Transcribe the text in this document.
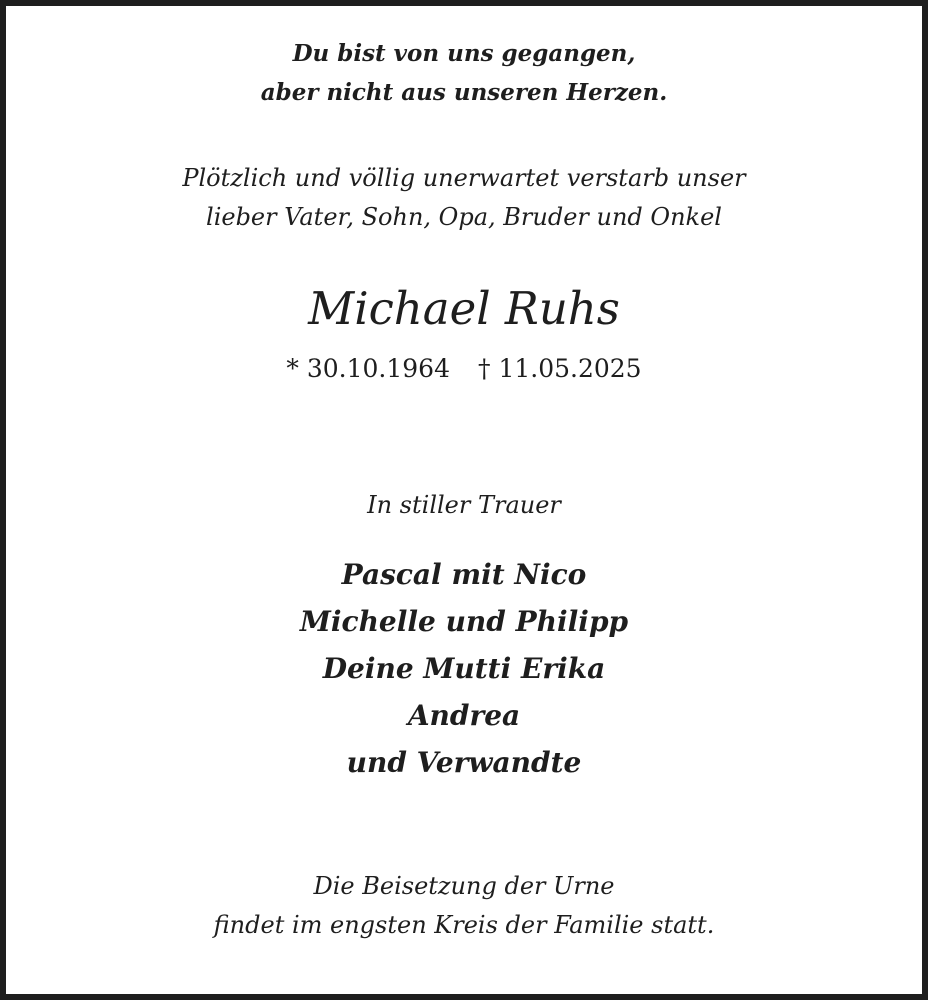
Du bist von uns gegangen,
aber nicht aus unseren Herzen.
Plötzlich und völlig unerwartet verstarb unser
lieber Vater, Sohn, Opa, Bruder und Onkel
Michael Ruhs
* 30.10.1964 † 11.05.2025
In stiller Trauer
Pascal mit Nico
Michelle und Philipp
Deine Mutti Erika
Andrea
und Verwandte
Die Beisetzung der Urne
findet im engsten Kreis der Familie statt.
